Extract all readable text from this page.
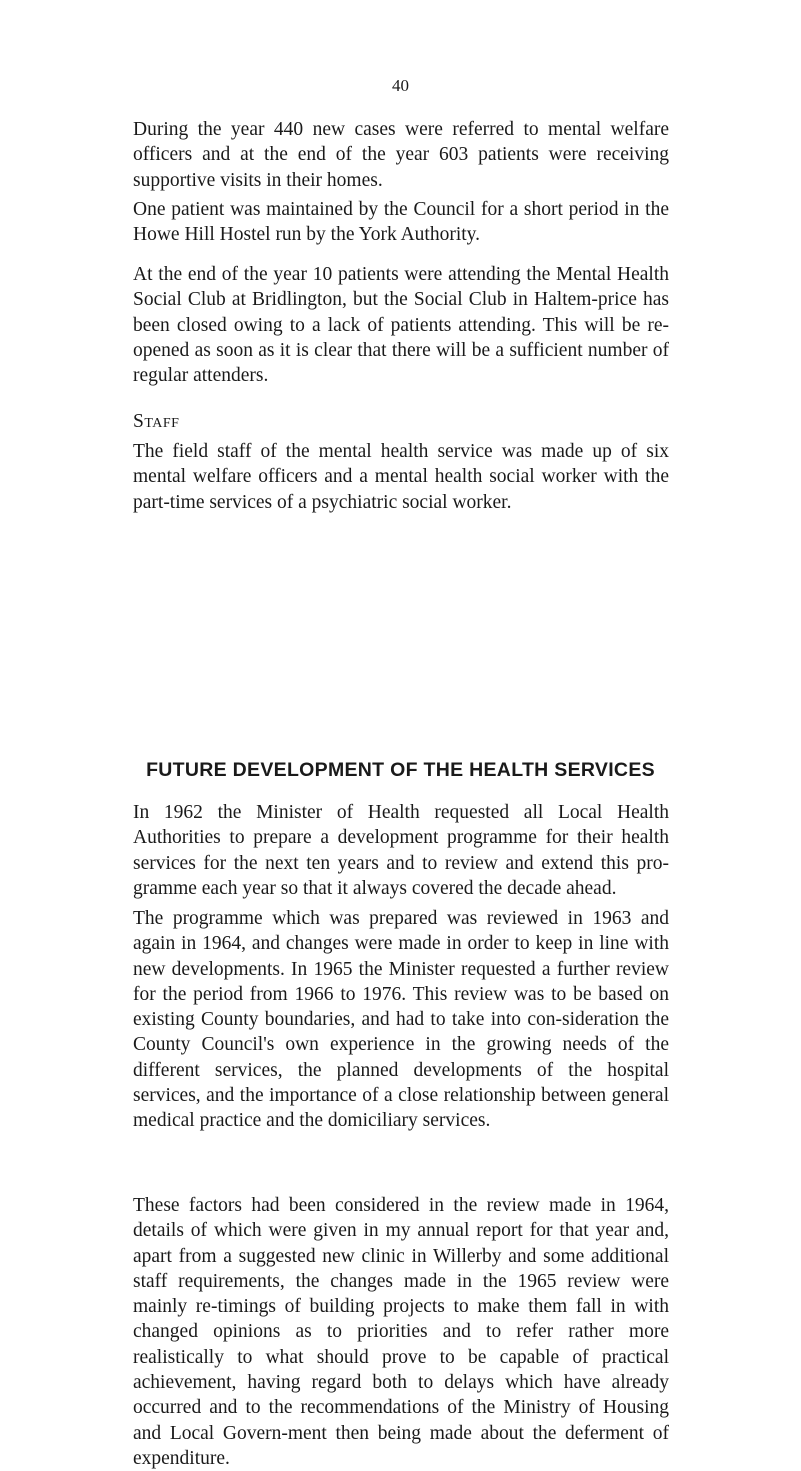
40

During the year 440 new cases were referred to mental welfare officers and at the end of the year 603 patients were receiving supportive visits in their homes.

One patient was maintained by the Council for a short period in the Howe Hill Hostel run by the York Authority.

At the end of the year 10 patients were attending the Mental Health Social Club at Bridlington, but the Social Club in Haltem-price has been closed owing to a lack of patients attending. This will be re-opened as soon as it is clear that there will be a sufficient number of regular attenders.

Staff

The field staff of the mental health service was made up of six mental welfare officers and a mental health social worker with the part-time services of a psychiatric social worker.

FUTURE DEVELOPMENT OF THE HEALTH SERVICES

In 1962 the Minister of Health requested all Local Health Authorities to prepare a development programme for their health services for the next ten years and to review and extend this pro-gramme each year so that it always covered the decade ahead.

The programme which was prepared was reviewed in 1963 and again in 1964, and changes were made in order to keep in line with new developments. In 1965 the Minister requested a further review for the period from 1966 to 1976. This review was to be based on existing County boundaries, and had to take into con-sideration the County Council's own experience in the growing needs of the different services, the planned developments of the hospital services, and the importance of a close relationship between general medical practice and the domiciliary services.

These factors had been considered in the review made in 1964, details of which were given in my annual report for that year and, apart from a suggested new clinic in Willerby and some additional staff requirements, the changes made in the 1965 review were mainly re-timings of building projects to make them fall in with changed opinions as to priorities and to refer rather more realistically to what should prove to be capable of practical achievement, having regard both to delays which have already occurred and to the recommendations of the Ministry of Housing and Local Govern-ment then being made about the deferment of expenditure.
